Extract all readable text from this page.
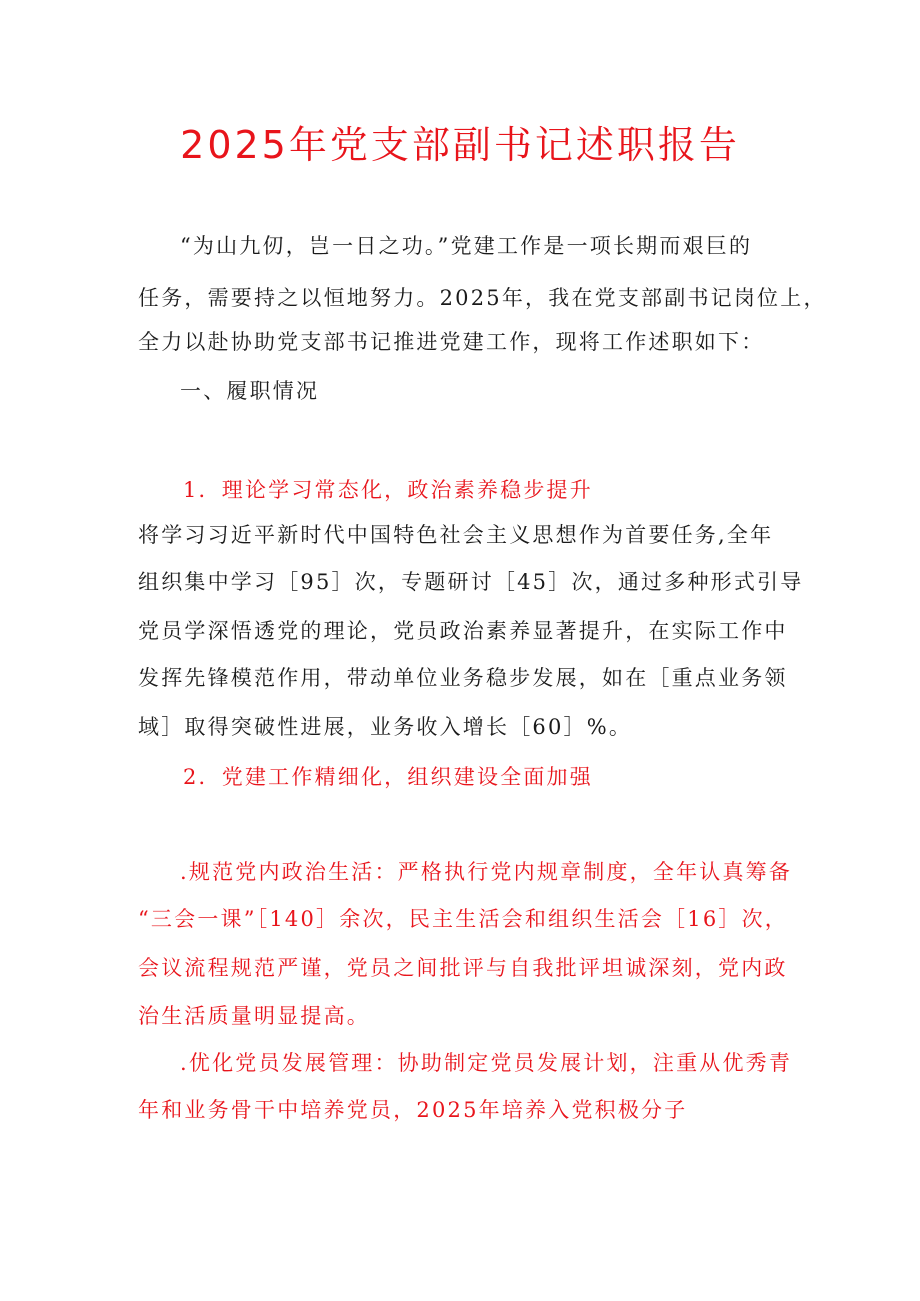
2025年党支部副书记述职报告

“为山九仞，岂一日之功。”党建工作是一项长期而艰巨的

任务，需要持之以恒地努力。2025年，我在党支部副书记岗位上，

全力以赴协助党支部书记推进党建工作，现将工作述职如下：

一、履职情况

1．理论学习常态化，政治素养稳步提升

将学习习近平新时代中国特色社会主义思想作为首要任务,全年

组织集中学习［95］次，专题研讨［45］次，通过多种形式引导

党员学深悟透党的理论，党员政治素养显著提升，在实际工作中

发挥先锋模范作用，带动单位业务稳步发展，如在［重点业务领

域］取得突破性进展，业务收入增长［60］%。

2．党建工作精细化，组织建设全面加强

.规范党内政治生活：严格执行党内规章制度，全年认真筹备

“三会一课”［140］余次，民主生活会和组织生活会［16］次，

会议流程规范严谨，党员之间批评与自我批评坦诚深刻，党内政

治生活质量明显提高。

.优化党员发展管理：协助制定党员发展计划，注重从优秀青

年和业务骨干中培养党员，2025年培养入党积极分子
